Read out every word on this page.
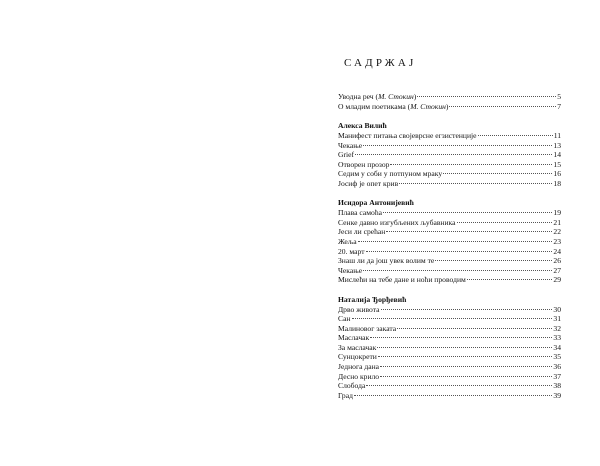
САДРЖАЈ
Уводна реч (М. Стокин)	5
О младим поетикама (М. Стокин)	7
Алекса Вилић
Манифест питања својеврсне егзистенције	11
Чекање	13
Grief	14
Отворен прозор	15
Седим у соби у потпуном мраку	16
Јосиф је опет крив	18
Исидора Антонијевић
Плава самоћа	19
Сенке давно изгубљених љубавника	21
Јеси ли срећан	22
Жеља	23
20. март	24
Знаш ли да још увек волим те	26
Чекање	27
Мислећи на тебе дане и ноћи проводим	29
Наталија Ђорђевић
Дрво живота	30
Сан	31
Малиновог заката	32
Маслачак	33
За маслачак	34
Сунцокрети	35
Једнога дана	36
Десно крило	37
Слобода	38
Град	39
